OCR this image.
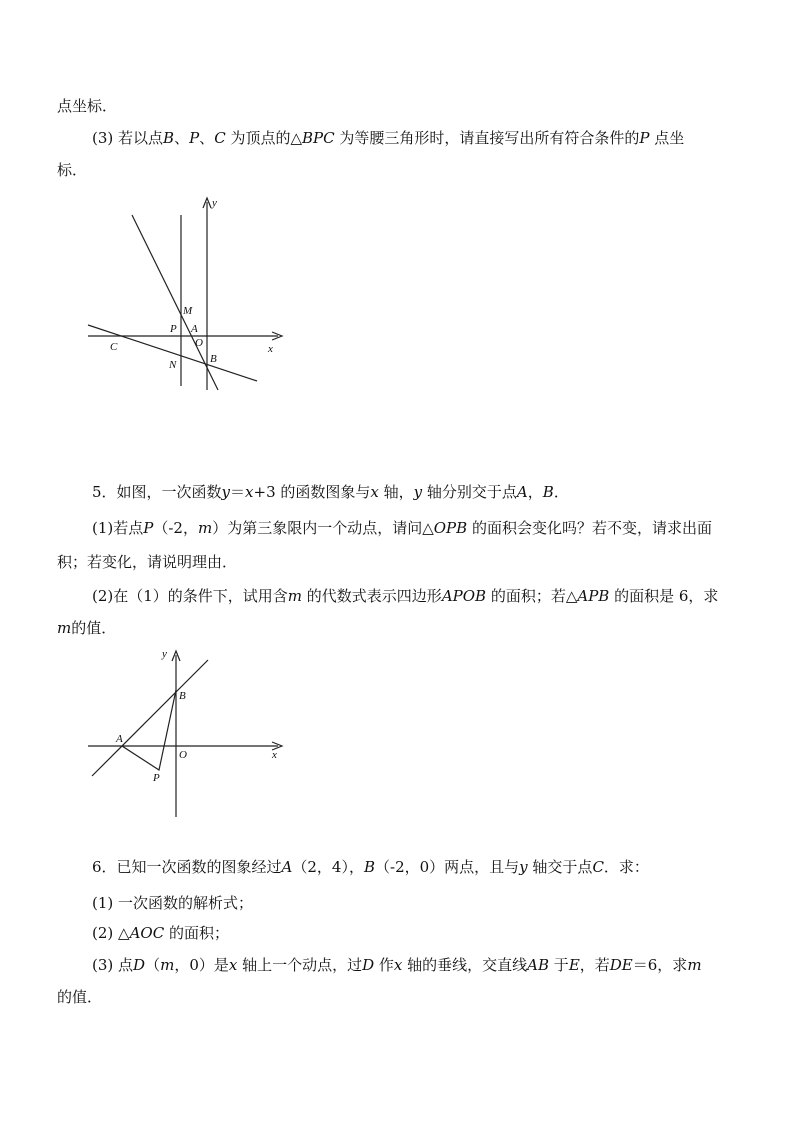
点坐标．
(3) 若以点B、P、C 为顶点的△BPC 为等腰三角形时，请直接写出所有符合条件的P 点坐
标．
y
x
M
P A
O
C
N	B
5．如图，一次函数y＝x+3 的函数图象与x 轴，y 轴分别交于点A，B．
(1)若点P（-2，m）为第三象限内一个动点，请问△OPB 的面积会变化吗？若不变，请求出面
积；若变化，请说明理由．
(2)在（1）的条件下，试用含m 的代数式表示四边形APOB 的面积；若△APB 的面积是 6，求
m的值．
y
B
A
O	x
P
6．已知一次函数的图象经过A（2，4），B（-2，0）两点，且与y 轴交于点C．求：
(1) 一次函数的解析式；
(2) △AOC 的面积；
(3) 点D（m，0）是x 轴上一个动点，过D 作x 轴的垂线，交直线AB 于E，若DE＝6，求m
的值．
